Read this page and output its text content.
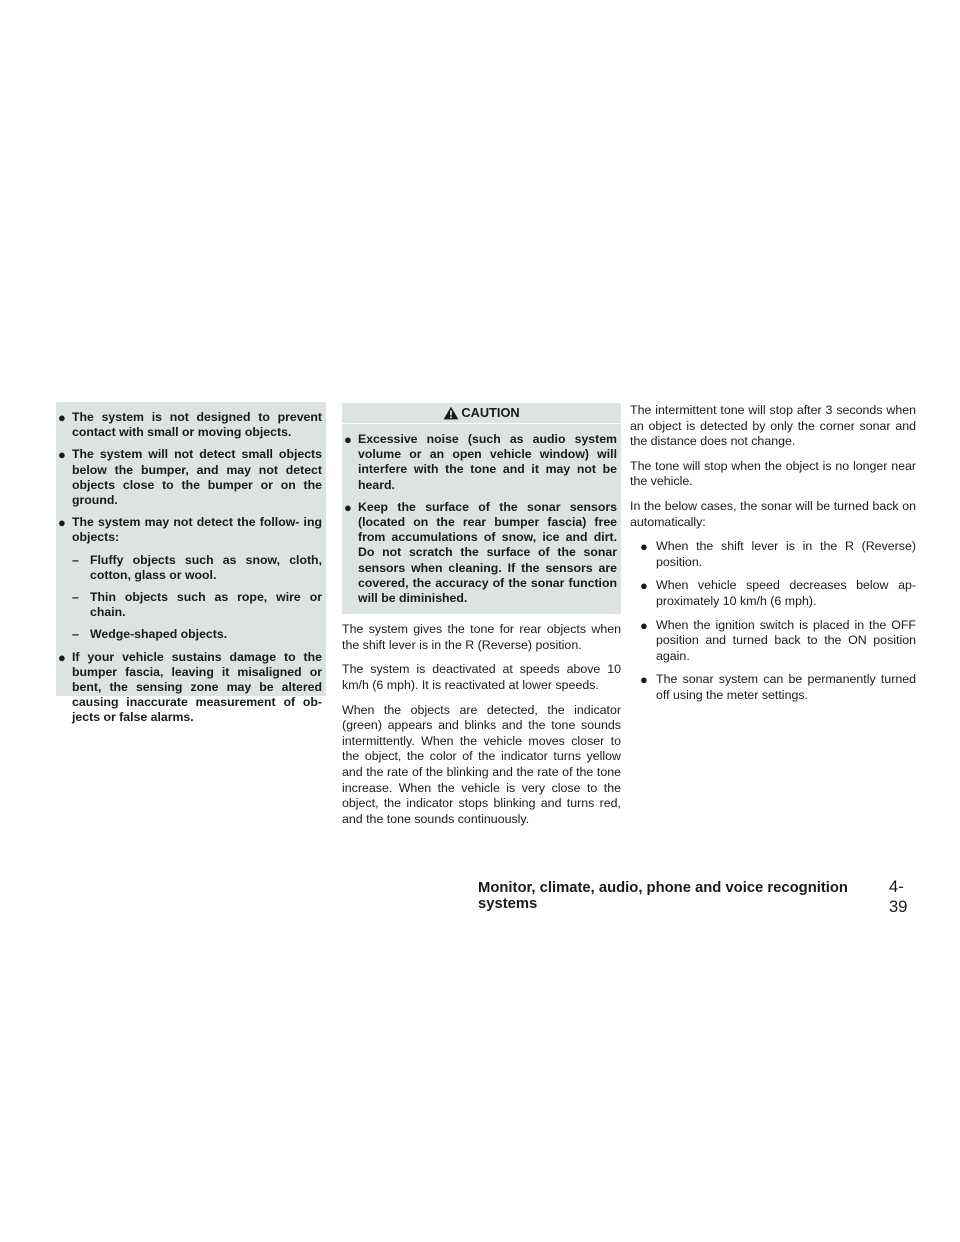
● The system is not designed to prevent contact with small or moving objects.
● The system will not detect small objects below the bumper, and may not detect objects close to the bumper or on the ground.
● The system may not detect the follow- ing objects:
– Fluffy objects such as snow, cloth, cotton, glass or wool.
– Thin objects such as rope, wire or chain.
– Wedge-shaped objects.
● If your vehicle sustains damage to the bumper fascia, leaving it misaligned or bent, the sensing zone may be altered causing inaccurate measurement of ob- jects or false alarms.
CAUTION
● Excessive noise (such as audio system volume or an open vehicle window) will interfere with the tone and it may not be heard.
● Keep the surface of the sonar sensors (located on the rear bumper fascia) free from accumulations of snow, ice and dirt. Do not scratch the surface of the sonar sensors when cleaning. If the sensors are covered, the accuracy of the sonar function will be diminished.

The system gives the tone for rear objects when the shift lever is in the R (Reverse) position.

The system is deactivated at speeds above 10 km/h (6 mph). It is reactivated at lower speeds.

When the objects are detected, the indicator (green) appears and blinks and the tone sounds intermittently. When the vehicle moves closer to the object, the color of the indicator turns yellow and the rate of the blinking and the rate of the tone increase. When the vehicle is very close to the object, the indicator stops blinking and turns red, and the tone sounds continuously.

The intermittent tone will stop after 3 seconds when an object is detected by only the corner sonar and the distance does not change.

The tone will stop when the object is no longer near the vehicle.

In the below cases, the sonar will be turned back on automatically:

● When the shift lever is in the R (Reverse) position.
● When vehicle speed decreases below ap- proximately 10 km/h (6 mph).
● When the ignition switch is placed in the OFF position and turned back to the ON position again.
● The sonar system can be permanently turned off using the meter settings.
Monitor, climate, audio, phone and voice recognition systems
4-39
